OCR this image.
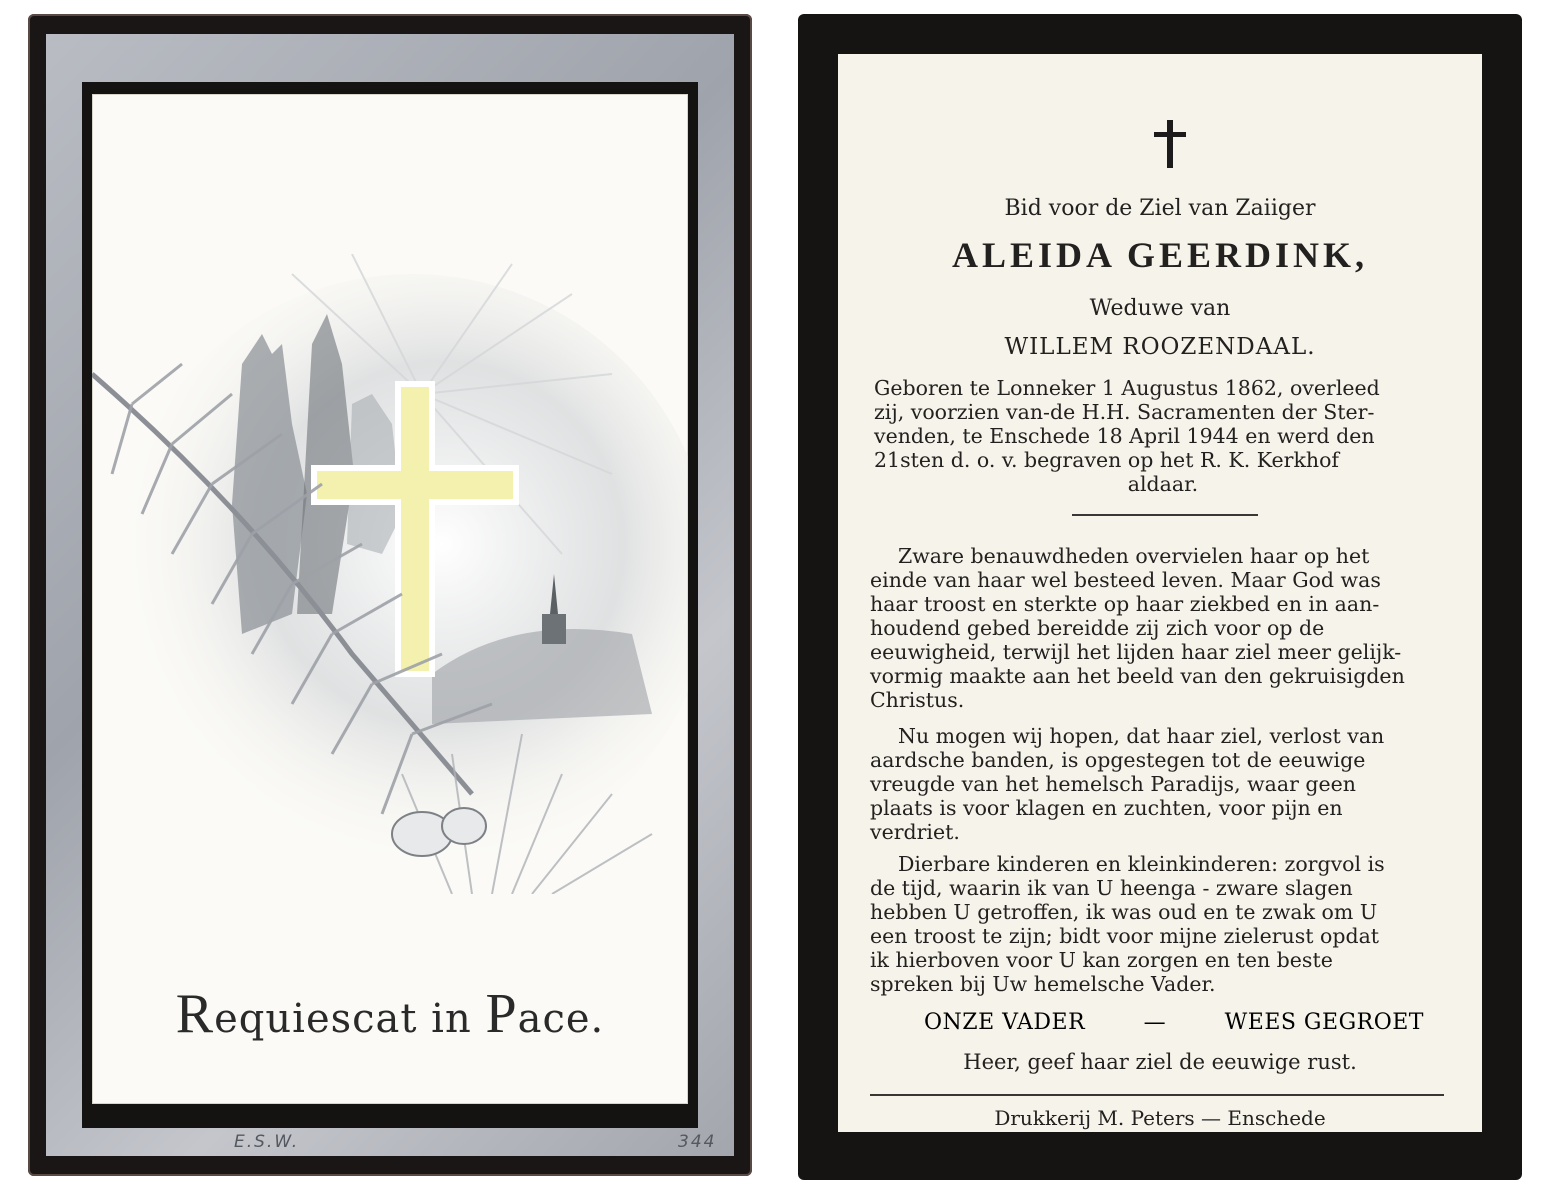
Requiescat in Pace.
E.S.W.	344
Bid voor de Ziel van Zaiiger
ALEIDA GEERDINK,
Weduwe van
WILLEM ROOZENDAAL.
Geboren te Lonneker 1 Augustus 1862, overleed
zij, voorzien van-de H.H. Sacramenten der Ster-
venden, te Enschede 18 April 1944 en werd den
21sten d. o. v. begraven op het R. K. Kerkhof
aldaar.
Zware benauwdheden overvielen haar op het
einde van haar wel besteed leven. Maar God was
haar troost en sterkte op haar ziekbed en in aan-
houdend gebed bereidde zij zich voor op de
eeuwigheid, terwijl het lijden haar ziel meer gelijk-
vormig maakte aan het beeld van den gekruisigden
Christus.
Nu mogen wij hopen, dat haar ziel, verlost van
aardsche banden, is opgestegen tot de eeuwige
vreugde van het hemelsch Paradijs, waar geen
plaats is voor klagen en zuchten, voor pijn en
verdriet.
Dierbare kinderen en kleinkinderen: zorgvol is
de tijd, waarin ik van U heenga - zware slagen
hebben U getroffen, ik was oud en te zwak om U
een troost te zijn; bidt voor mijne zielerust opdat
ik hierboven voor U kan zorgen en ten beste
spreken bij Uw hemelsche Vader.
ONZE VADER	—	WEES GEGROET
Heer, geef haar ziel de eeuwige rust.
Drukkerij M. Peters — Enschede
